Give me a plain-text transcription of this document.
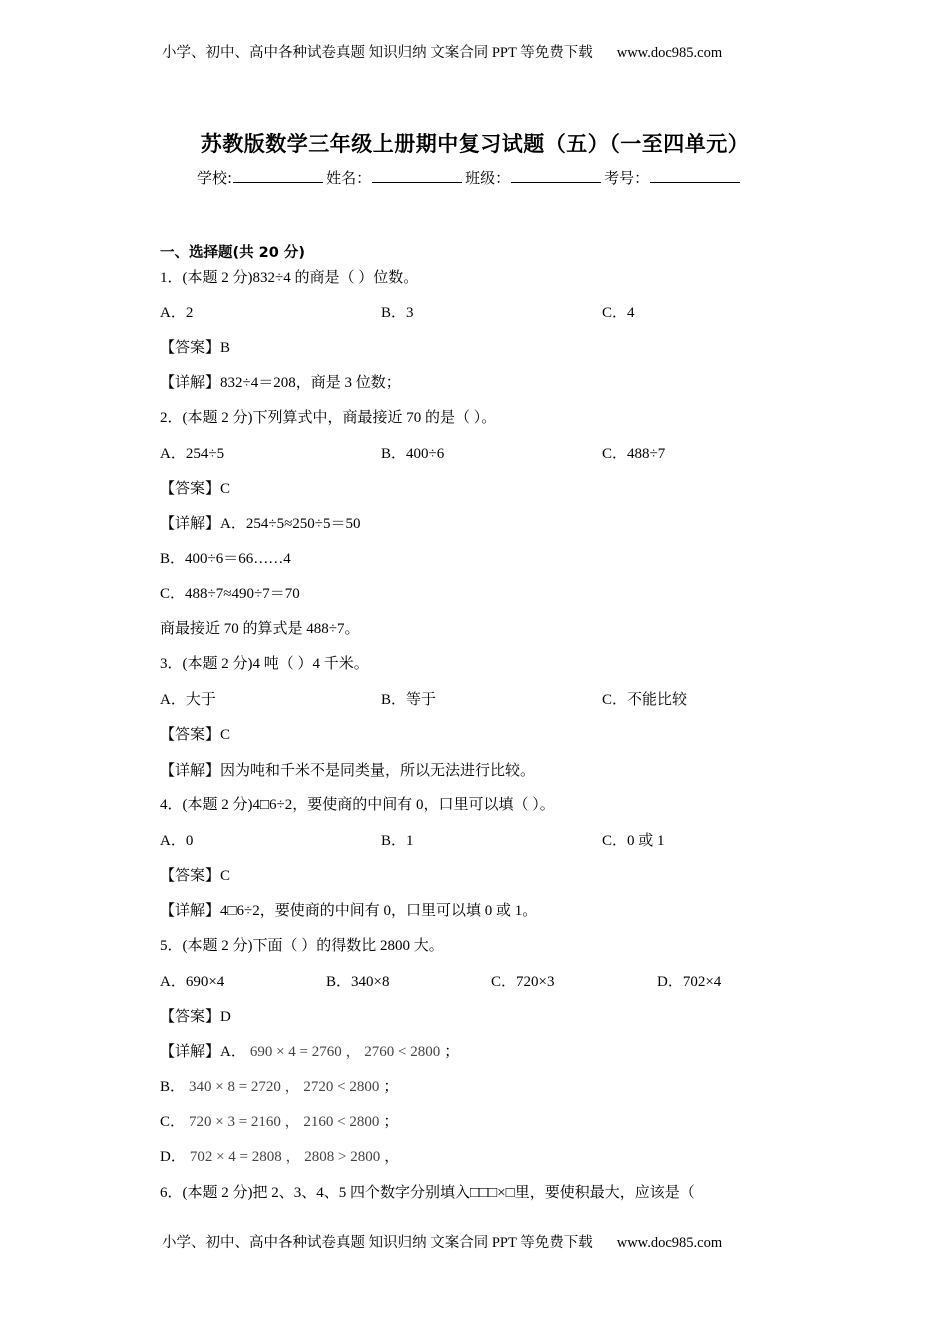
小学、初中、高中各种试卷真题 知识归纳 文案合同 PPT 等免费下载 www.doc985.com
苏教版数学三年级上册期中复习试题（五）（一至四单元）
学校:	姓名：	班级：	考号：
一、选择题(共 20 分)
1．(本题 2 分)832÷4 的商是（ ）位数。
A．2	B．3	C．4
【答案】B
【详解】832÷4＝208，商是 3 位数；
2．(本题 2 分)下列算式中，商最接近 70 的是（ ）。
A．254÷5	B．400÷6	C．488÷7
【答案】C
【详解】A．254÷5≈250÷5＝50
B．400÷6＝66……4
C．488÷7≈490÷7＝70
商最接近 70 的算式是 488÷7。
3．(本题 2 分)4 吨（ ）4 千米。
A．大于	B．等于	C．不能比较
【答案】C
【详解】因为吨和千米不是同类量，所以无法进行比较。
4．(本题 2 分)4□6÷2，要使商的中间有 0，口里可以填（ ）。
A．0	B．1	C．0 或 1
【答案】C
【详解】4□6÷2，要使商的中间有 0，口里可以填 0 或 1。
5．(本题 2 分)下面（ ）的得数比 2800 大。
A．690×4	B．340×8	C．720×3	D．702×4
【答案】D
【详解】A． 690 × 4 = 2760 ， 2760 < 2800 ；
B． 340 × 8 = 2720 ， 2720 < 2800 ；
C． 720 × 3 = 2160 ， 2160 < 2800 ；
D． 702 × 4 = 2808 ， 2808 > 2800 ，
6．(本题 2 分)把 2、3、4、5 四个数字分别填入□□□×□里，要使积最大，应该是（
小学、初中、高中各种试卷真题 知识归纳 文案合同 PPT 等免费下载 www.doc985.com
